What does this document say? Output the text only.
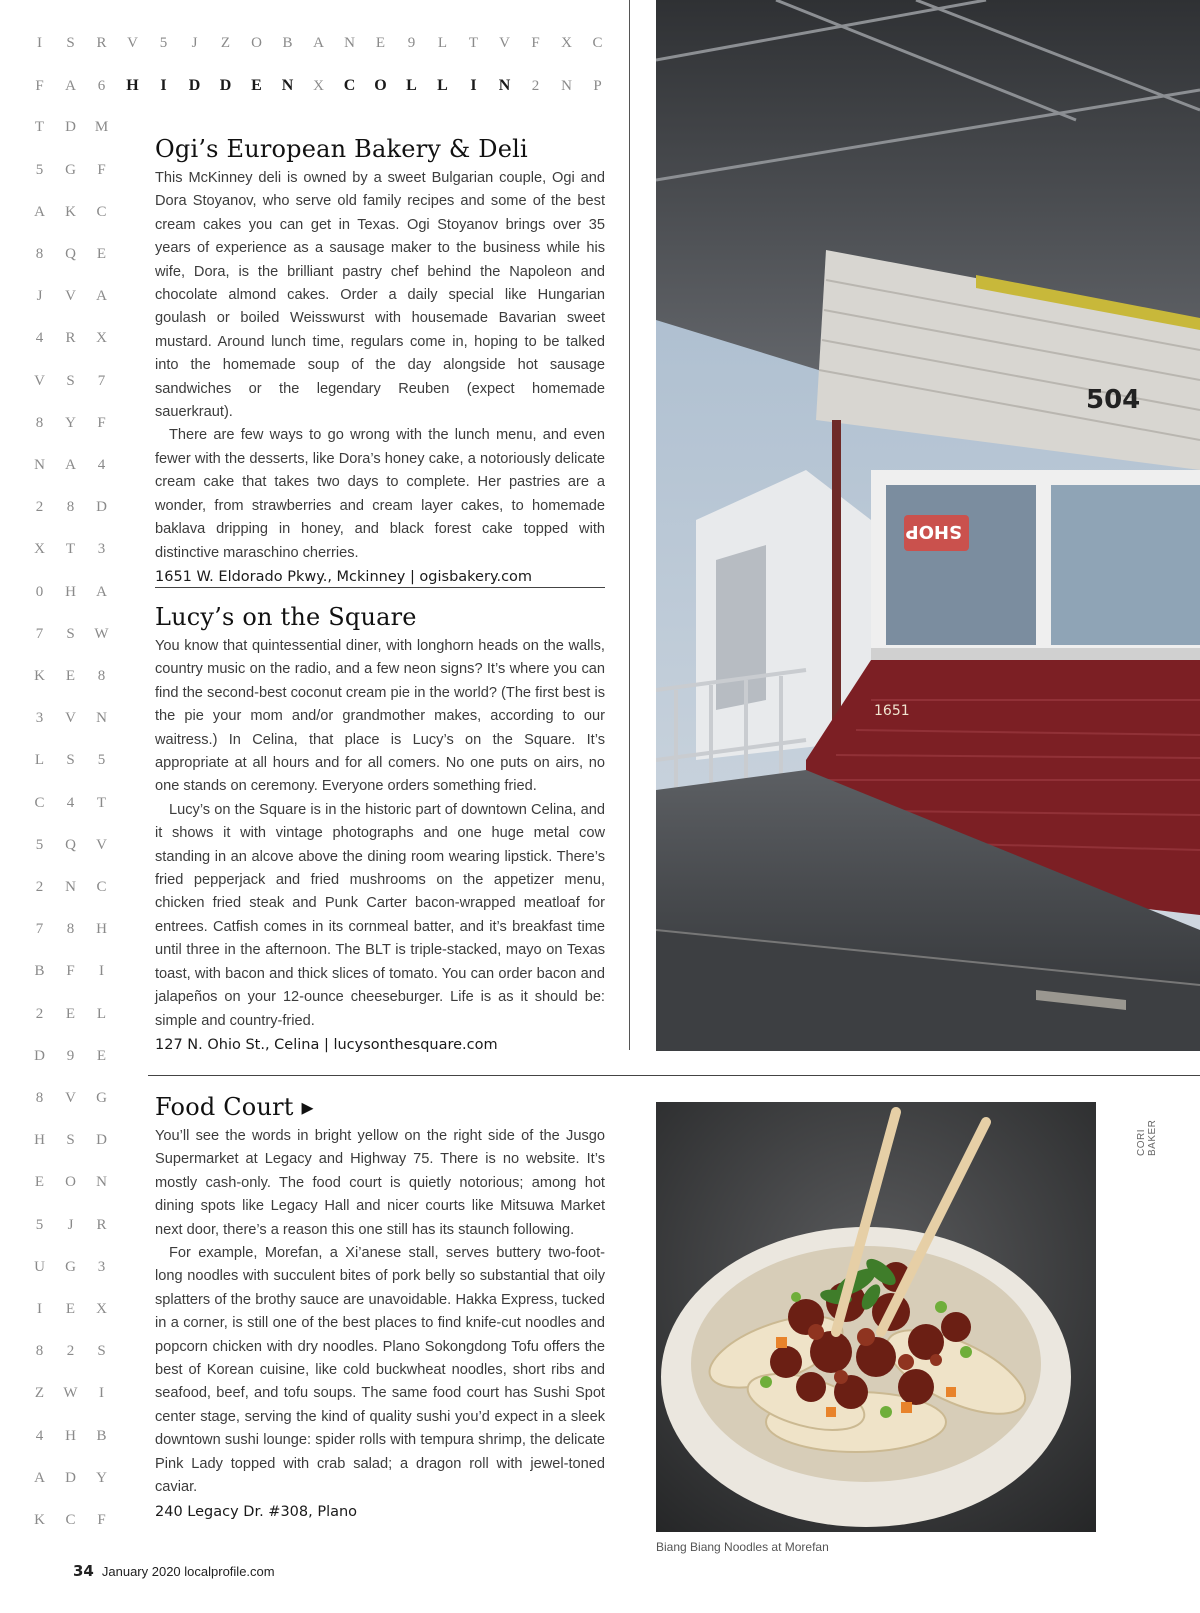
I S R V 5 J Z O B A N E 9 L T V F X C
F A 6 H I D D E N X C O L L I N 2 N P
T D M
5 G F
A K C
8 Q E
J V A
4 R X
V S 7
8 Y F
N A 4
2 8 D
X T 3
0 H A
7 S W
K E 8
3 V N
L S 5
C 4 T
5 Q V
2 N C
7 8 H
B F I
2 E L
D 9 E
8 V G
H S D
E O N
5 J R
U G 3
I E X
8 2 S
Z W I
4 H B
A D Y
K C F
Ogi’s European Bakery & Deli

This McKinney deli is owned by a sweet Bulgarian couple, Ogi and Dora Stoyanov, who serve old family recipes and some of the best cream cakes you can get in Texas. Ogi Stoyanov brings over 35 years of experience as a sausage maker to the business while his wife, Dora, is the brilliant pastry chef behind the Napoleon and chocolate almond cakes. Order a daily special like Hungarian goulash or boiled Weisswurst with housemade Bavarian sweet mustard. Around lunch time, regulars come in, hoping to be talked into the homemade soup of the day alongside hot sausage sandwiches or the legendary Reuben (expect homemade sauerkraut).

There are few ways to go wrong with the lunch menu, and even fewer with the desserts, like Dora’s honey cake, a notoriously delicate cream cake that takes two days to complete. Her pastries are a wonder, from strawberries and cream layer cakes, to homemade baklava dripping in honey, and black forest cake topped with distinctive maraschino cherries.

1651 W. Eldorado Pkwy., Mckinney | ogisbakery.com
Lucy’s on the Square

You know that quintessential diner, with longhorn heads on the walls, country music on the radio, and a few neon signs? It’s where you can find the second-best coconut cream pie in the world? (The first best is the pie your mom and/or grandmother makes, according to our waitress.) In Celina, that place is Lucy’s on the Square. It’s appropriate at all hours and for all comers. No one puts on airs, no one stands on ceremony. Everyone orders something fried.

Lucy’s on the Square is in the historic part of downtown Celina, and it shows it with vintage photographs and one huge metal cow standing in an alcove above the dining room wearing lipstick. There’s fried pepperjack and fried mushrooms on the appetizer menu, chicken fried steak and Punk Carter bacon-wrapped meatloaf for entrees. Catfish comes in its cornmeal batter, and it’s breakfast time until three in the afternoon. The BLT is triple-stacked, mayo on Texas toast, with bacon and thick slices of tomato. You can order bacon and jalapeños on your 12-ounce cheeseburger. Life is as it should be: simple and country-fried.

127 N. Ohio St., Celina | lucysonthesquare.com
Food Court ▸

You’ll see the words in bright yellow on the right side of the Jusgo Supermarket at Legacy and Highway 75. There is no website. It’s mostly cash-only. The food court is quietly notorious; among hot dining spots like Legacy Hall and nicer courts like Mitsuwa Market next door, there’s a reason this one still has its staunch following.

For example, Morefan, a Xi’anese stall, serves buttery two-foot-long noodles with succulent bites of pork belly so substantial that oily splatters of the brothy sauce are unavoidable. Hakka Express, tucked in a corner, is still one of the best places to find knife-cut noodles and popcorn chicken with dry noodles. Plano Sokongdong Tofu offers the best of Korean cuisine, like cold buckwheat noodles, short ribs and seafood, beef, and tofu soups. The same food court has Sushi Spot center stage, serving the kind of quality sushi you’d expect in a sleek downtown sushi lounge: spider rolls with tempura shrimp, the delicate Pink Lady topped with crab salad; a dragon roll with jewel-toned caviar.

240 Legacy Dr. #308, Plano
504
SHOP
1651
CORI BAKER
Biang Biang Noodles at Morefan
34 January 2020 localprofile.com
